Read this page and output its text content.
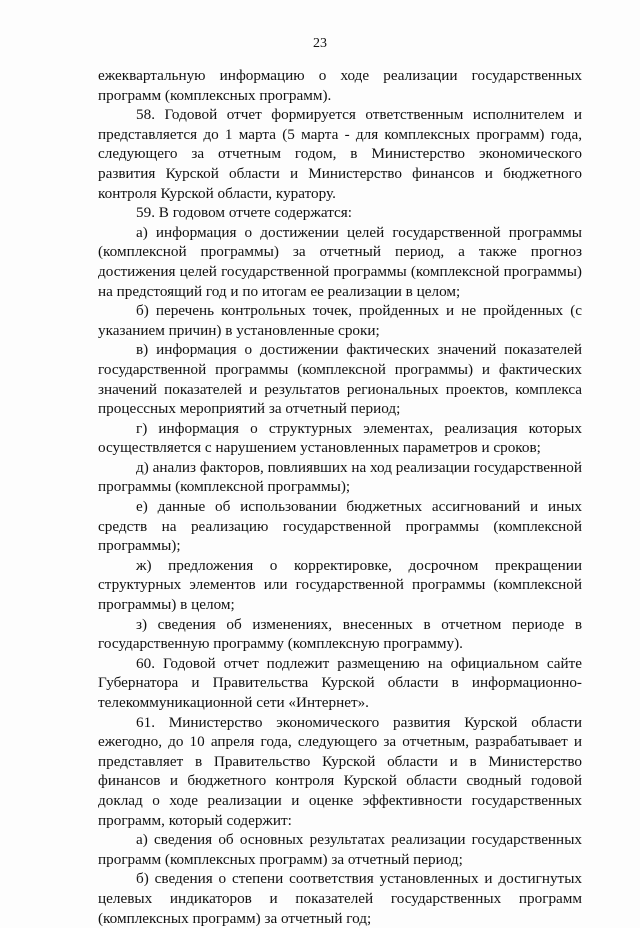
23

ежеквартальную информацию о ходе реализации государственных программ (комплексных программ).

58. Годовой отчет формируется ответственным исполнителем и представляется до 1 марта (5 марта - для комплексных программ) года, следующего за отчетным годом, в Министерство экономического развития Курской области и Министерство финансов и бюджетного контроля Курской области, куратору.

59. В годовом отчете содержатся:

а) информация о достижении целей государственной программы (комплексной программы) за отчетный период, а также прогноз достижения целей государственной программы (комплексной программы) на предстоящий год и по итогам ее реализации в целом;

б) перечень контрольных точек, пройденных и не пройденных (с указанием причин) в установленные сроки;

в) информация о достижении фактических значений показателей государственной программы (комплексной программы) и фактических значений показателей и результатов региональных проектов, комплекса процессных мероприятий за отчетный период;

г) информация о структурных элементах, реализация которых осуществляется с нарушением установленных параметров и сроков;

д) анализ факторов, повлиявших на ход реализации государственной программы (комплексной программы);

е) данные об использовании бюджетных ассигнований и иных средств на реализацию государственной программы (комплексной программы);

ж) предложения о корректировке, досрочном прекращении структурных элементов или государственной программы (комплексной программы) в целом;

з) сведения об изменениях, внесенных в отчетном периоде в государственную программу (комплексную программу).

60. Годовой отчет подлежит размещению на официальном сайте Губернатора и Правительства Курской области в информационно-телекоммуникационной сети «Интернет».

61. Министерство экономического развития Курской области ежегодно, до 10 апреля года, следующего за отчетным, разрабатывает и представляет в Правительство Курской области и в Министерство финансов и бюджетного контроля Курской области сводный годовой доклад о ходе реализации и оценке эффективности государственных программ, который содержит:

а) сведения об основных результатах реализации государственных программ (комплексных программ) за отчетный период;

б) сведения о степени соответствия установленных и достигнутых целевых индикаторов и показателей государственных программ (комплексных программ) за отчетный год;
